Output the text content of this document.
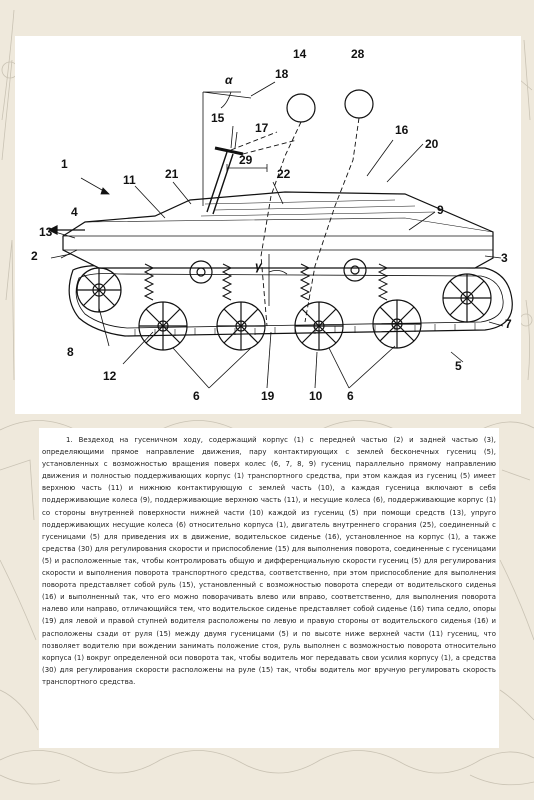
14	28
18
α
15
17	16
1	29
22
20
11 21
4	9
13
2	3
γ
7
8
12
5
6	19	10 6

1. Вездеход на гусеничном ходу, содержащий корпус (1) с передней частью (2) и задней частью (3), определяющими прямое направление движения, пару контактирующих с землей бесконечных гусениц (5), установленных с возможностью вращения поверх колес (6, 7, 8, 9) гусениц параллельно прямому направлению движения и полностью поддерживающих корпус (1) транспортного средства, при этом каждая из гусениц (5) имеет верхнюю часть (11) и нижнюю контактирующую с землей часть (10), а каждая гусеница включают в себя поддерживающие колеса (9), поддерживающие верхнюю часть (11), и несущие колеса (6), поддерживающие корпус (1) со стороны внутренней поверхности нижней части (10) каждой из гусениц (5) при помощи средств (13), упруго поддерживающих несущие колеса (6) относительно корпуса (1), двигатель внутреннего сгорания (25), соединенный с гусеницами (5) для приведения их в движение, водительское сиденье (16), установленное на корпус (1), а также средства (30) для регулирования скорости и приспособление (15) для выполнения поворота, соединенные с гусеницами (5) и расположенные так, чтобы контролировать общую и дифференциальную скорости гусениц (5) для регулирования скорости и выполнения поворота транспортного средства, соответственно, при этом приспособление для выполнения поворота представляет собой руль (15), установленный с возможностью поворота спереди от водительского сиденья (16) и выполненный так, что его можно поворачивать влево или вправо, соответственно, для выполнения поворота налево или направо, отличающийся тем, что водительское сиденье представляет собой сиденье (16) типа седло, опоры (19) для левой и правой ступней водителя расположены по левую и правую стороны от водительского сиденья (16) и расположены сзади от руля (15) между двумя гусеницами (5) и по высоте ниже верхней части (11) гусениц, что позволяет водителю при вождении занимать положение стоя, руль выполнен с возможностью поворота относительно корпуса (1) вокруг определенной оси поворота так, чтобы водитель мог передавать свои усилия корпусу (1), а средства (30) для регулирования скорости расположены на руле (15) так, чтобы водитель мог вручную регулировать скорость транспортного средства.
